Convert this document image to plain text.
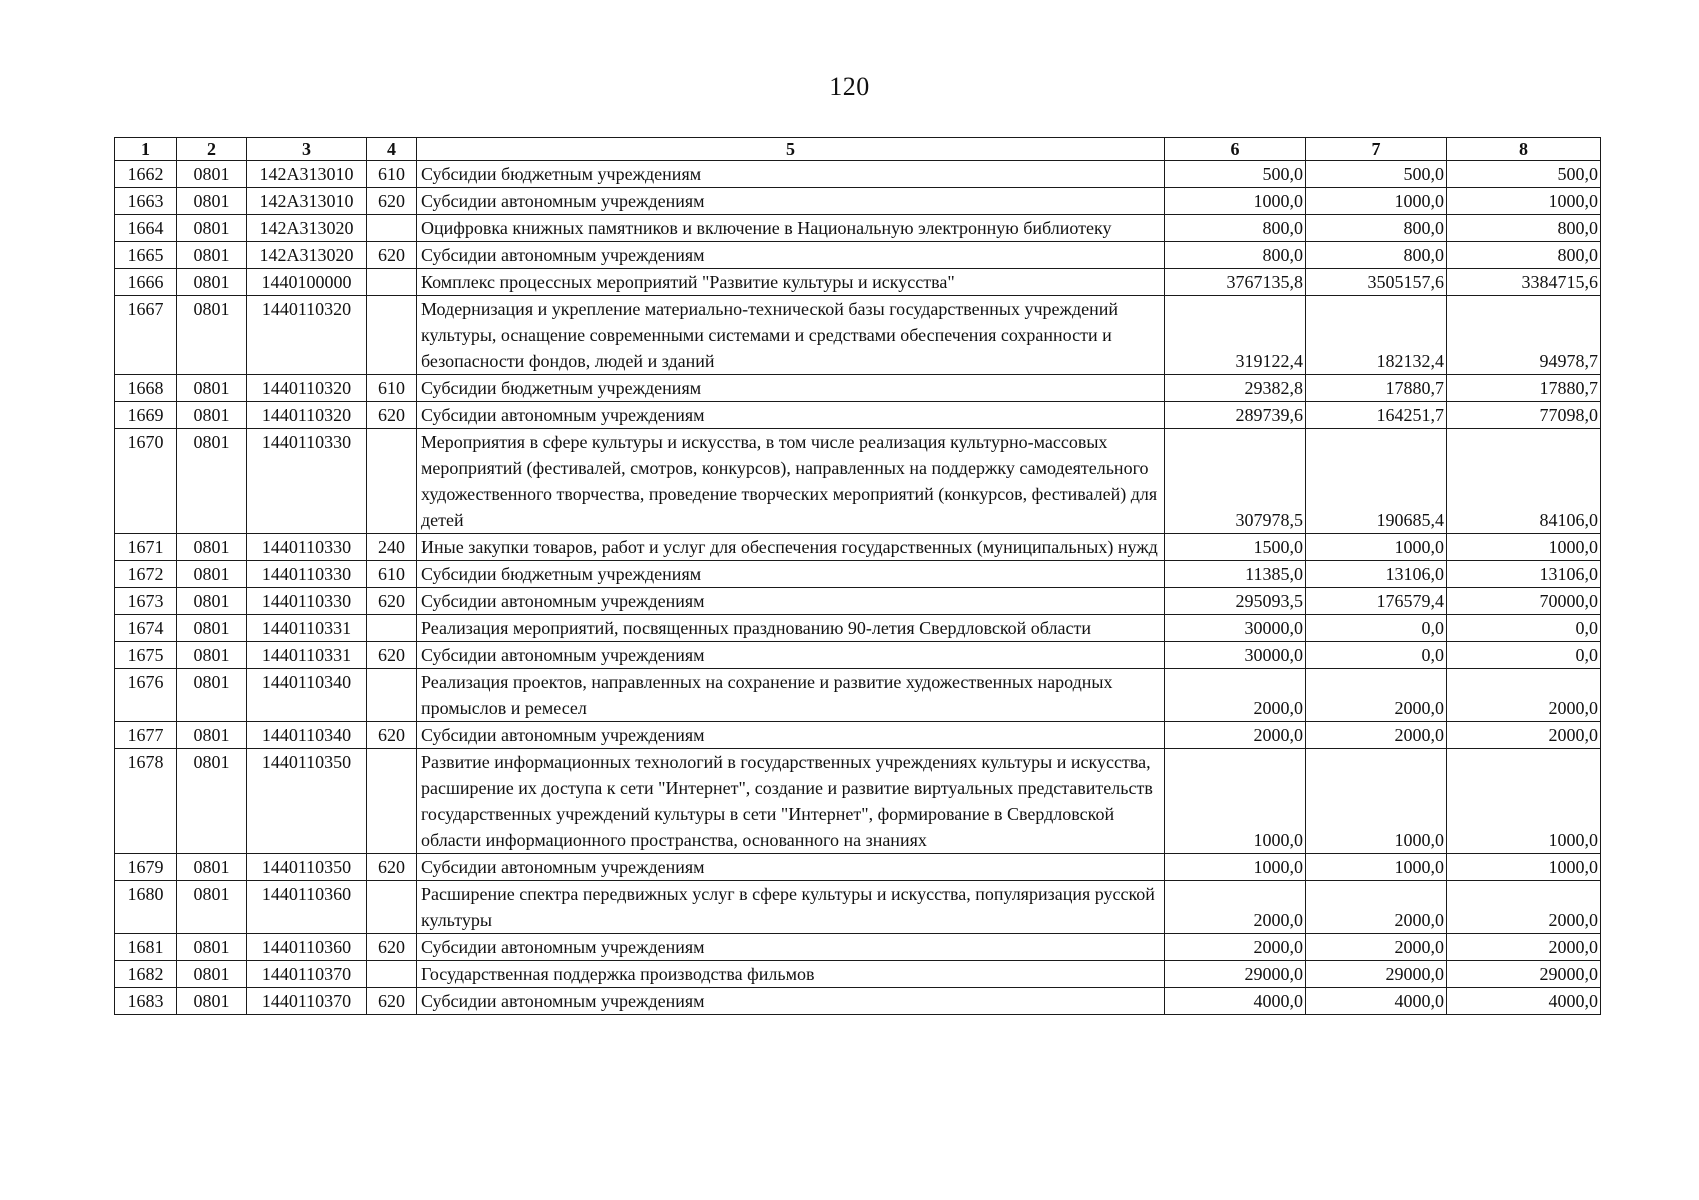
120
1	2	3	4	5	6	7	8
1662	0801	142A313010	610	Субсидии бюджетным учреждениям	500,0	500,0	500,0
1663	0801	142A313010	620	Субсидии автономным учреждениям	1000,0	1000,0	1000,0
1664	0801	142A313020		Оцифровка книжных памятников и включение в Национальную электронную библиотеку	800,0	800,0	800,0
1665	0801	142A313020	620	Субсидии автономным учреждениям	800,0	800,0	800,0
1666	0801	1440100000		Комплекс процессных мероприятий "Развитие культуры и искусства"	3767135,8	3505157,6	3384715,6
1667	0801	1440110320		Модернизация и укрепление материально-технической базы государственных учреждений культуры, оснащение современными системами и средствами обеспечения сохранности и безопасности фондов, людей и зданий	319122,4	182132,4	94978,7
1668	0801	1440110320	610	Субсидии бюджетным учреждениям	29382,8	17880,7	17880,7
1669	0801	1440110320	620	Субсидии автономным учреждениям	289739,6	164251,7	77098,0
1670	0801	1440110330		Мероприятия в сфере культуры и искусства, в том числе реализация культурно-массовых мероприятий (фестивалей, смотров, конкурсов), направленных на поддержку самодеятельного художественного творчества, проведение творческих мероприятий (конкурсов, фестивалей) для детей	307978,5	190685,4	84106,0
1671	0801	1440110330	240	Иные закупки товаров, работ и услуг для обеспечения государственных (муниципальных) нужд	1500,0	1000,0	1000,0
1672	0801	1440110330	610	Субсидии бюджетным учреждениям	11385,0	13106,0	13106,0
1673	0801	1440110330	620	Субсидии автономным учреждениям	295093,5	176579,4	70000,0
1674	0801	1440110331		Реализация мероприятий, посвященных празднованию 90-летия Свердловской области	30000,0	0,0	0,0
1675	0801	1440110331	620	Субсидии автономным учреждениям	30000,0	0,0	0,0
1676	0801	1440110340		Реализация проектов, направленных на сохранение и развитие художественных народных промыслов и ремесел	2000,0	2000,0	2000,0
1677	0801	1440110340	620	Субсидии автономным учреждениям	2000,0	2000,0	2000,0
1678	0801	1440110350		Развитие информационных технологий в государственных учреждениях культуры и искусства, расширение их доступа к сети "Интернет", создание и развитие виртуальных представительств государственных учреждений культуры в сети "Интернет", формирование в Свердловской области информационного пространства, основанного на знаниях	1000,0	1000,0	1000,0
1679	0801	1440110350	620	Субсидии автономным учреждениям	1000,0	1000,0	1000,0
1680	0801	1440110360		Расширение спектра передвижных услуг в сфере культуры и искусства, популяризация русской культуры	2000,0	2000,0	2000,0
1681	0801	1440110360	620	Субсидии автономным учреждениям	2000,0	2000,0	2000,0
1682	0801	1440110370		Государственная поддержка производства фильмов	29000,0	29000,0	29000,0
1683	0801	1440110370	620	Субсидии автономным учреждениям	4000,0	4000,0	4000,0
